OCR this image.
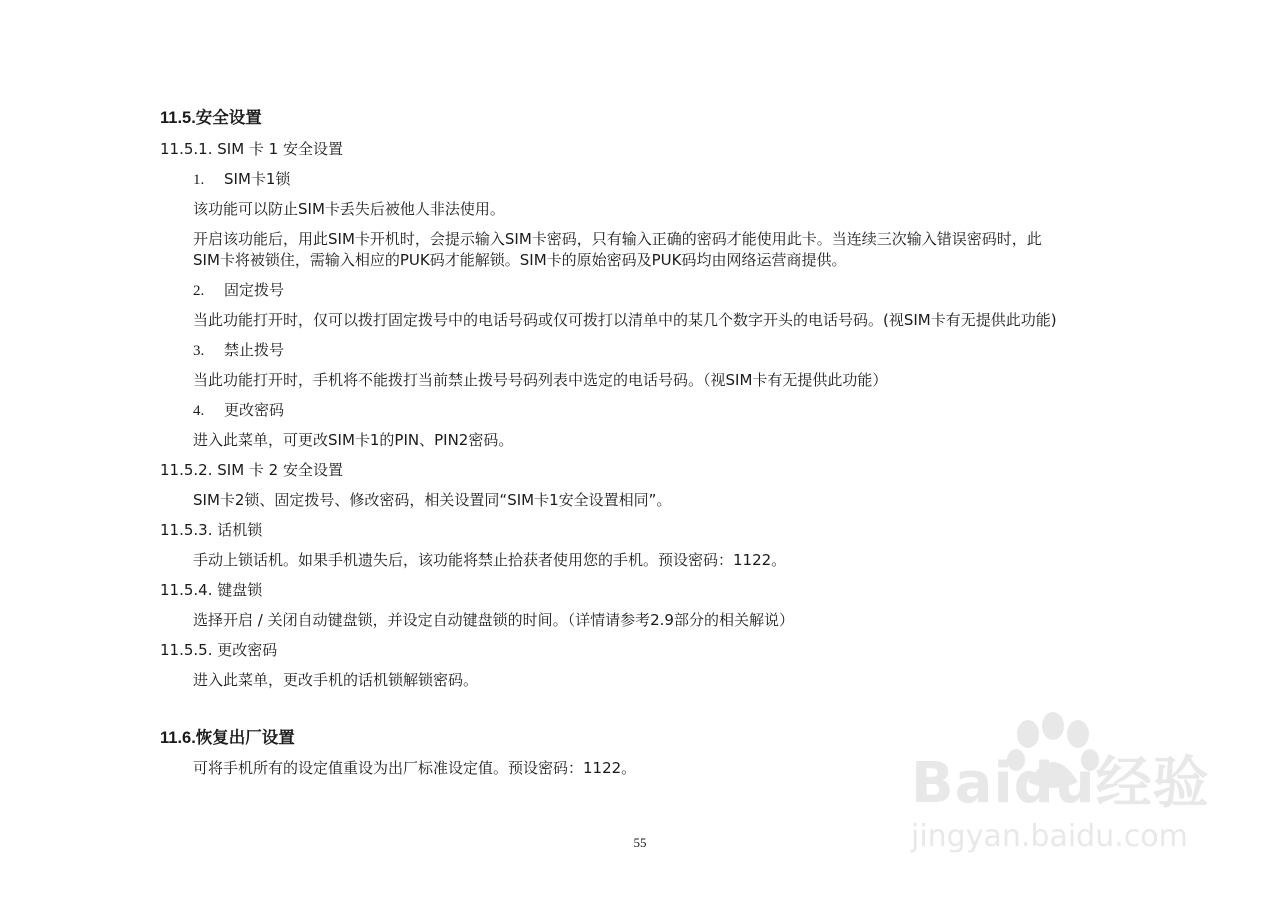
11.5.安全设置
11.5.1. SIM 卡 1 安全设置
1. SIM卡1锁
该功能可以防止SIM卡丢失后被他人非法使用。
开启该功能后，用此SIM卡开机时，会提示输入SIM卡密码，只有输入正确的密码才能使用此卡。当连续三次输入错误密码时，此
SIM卡将被锁住，需输入相应的PUK码才能解锁。SIM卡的原始密码及PUK码均由网络运营商提供。
2. 固定拨号
当此功能打开时，仅可以拨打固定拨号中的电话号码或仅可拨打以清单中的某几个数字开头的电话号码。(视SIM卡有无提供此功能)
3. 禁止拨号
当此功能打开时，手机将不能拨打当前禁止拨号号码列表中选定的电话号码。（视SIM卡有无提供此功能）
4. 更改密码
进入此菜单，可更改SIM卡1的PIN、PIN2密码。
11.5.2. SIM 卡 2 安全设置
SIM卡2锁、固定拨号、修改密码，相关设置同“SIM卡1安全设置相同”。
11.5.3. 话机锁
手动上锁话机。如果手机遗失后，该功能将禁止拾获者使用您的手机。预设密码：1122。
11.5.4. 键盘锁
选择开启 / 关闭自动键盘锁，并设定自动键盘锁的时间。（详情请参考2.9部分的相关解说）
11.5.5. 更改密码
进入此菜单，更改手机的话机锁解锁密码。
11.6.恢复出厂设置
可将手机所有的设定值重设为出厂标准设定值。预设密码：1122。
55
Baidu经验
jingyan.baidu.com
